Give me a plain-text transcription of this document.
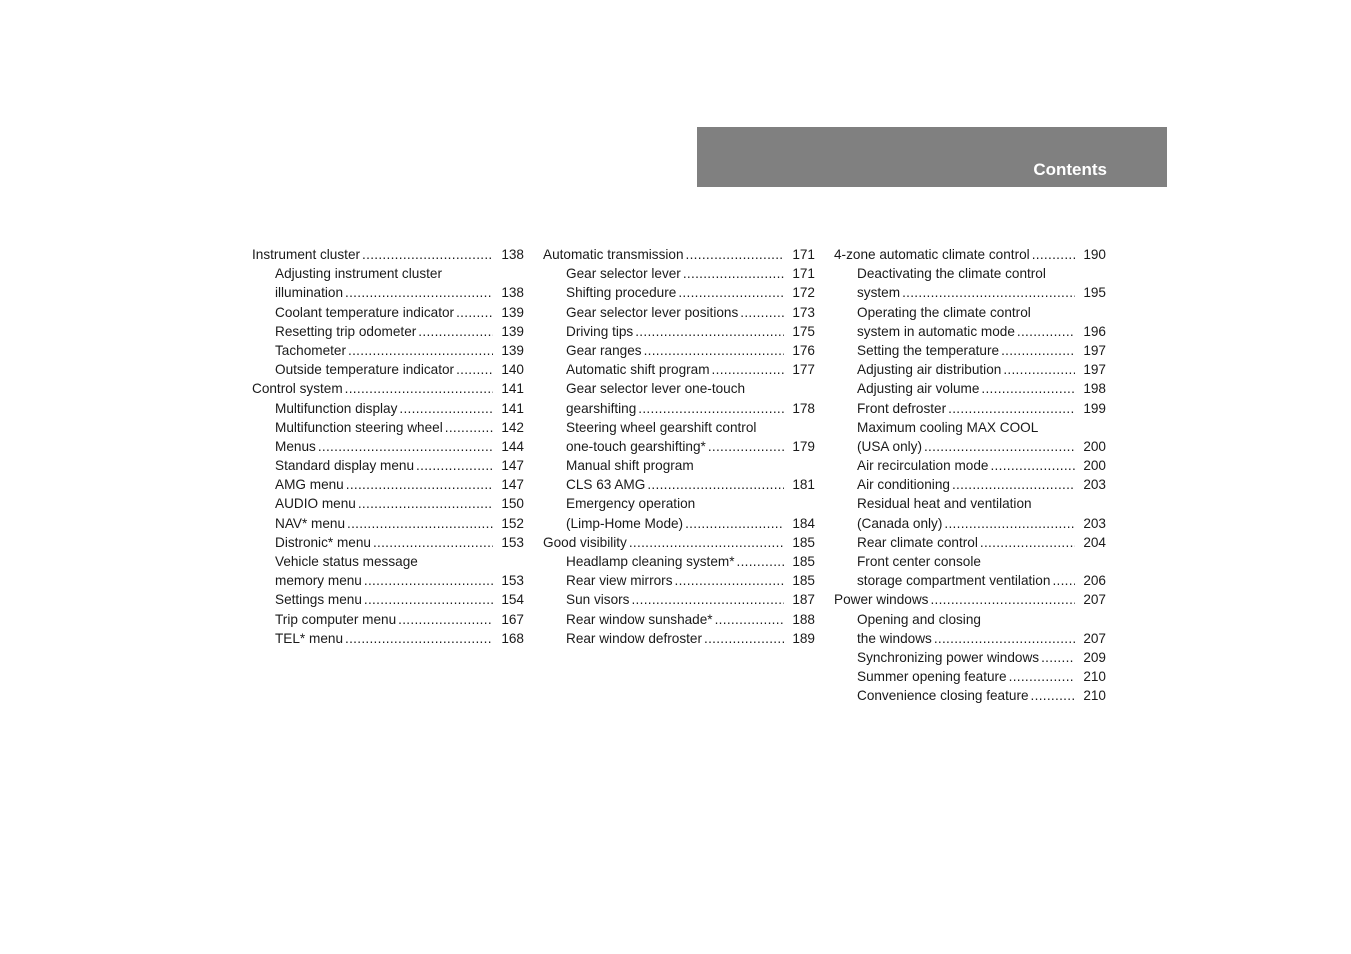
Contents
Instrument cluster .....	138
Adjusting instrument cluster
illumination .....	138
Coolant temperature indicator .....	139
Resetting trip odometer .....	139
Tachometer .....	139
Outside temperature indicator .....	140
Control system .....	141
Multifunction display .....	141
Multifunction steering wheel .....	142
Menus .....	144
Standard display menu .....	147
AMG menu .....	147
AUDIO menu .....	150
NAV* menu .....	152
Distronic* menu .....	153
Vehicle status message
memory menu .....	153
Settings menu .....	154
Trip computer menu .....	167
TEL* menu .....	168
Automatic transmission .....	171
Gear selector lever .....	171
Shifting procedure .....	172
Gear selector lever positions .....	173
Driving tips .....	175
Gear ranges .....	176
Automatic shift program .....	177
Gear selector lever one-touch
gearshifting .....	178
Steering wheel gearshift control
one-touch gearshifting* .....	179
Manual shift program
CLS 63 AMG .....	181
Emergency operation
(Limp-Home Mode) .....	184
Good visibility .....	185
Headlamp cleaning system* .....	185
Rear view mirrors .....	185
Sun visors .....	187
Rear window sunshade* .....	188
Rear window defroster .....	189
4-zone automatic climate control .....	190
Deactivating the climate control
system .....	195
Operating the climate control
system in automatic mode .....	196
Setting the temperature .....	197
Adjusting air distribution .....	197
Adjusting air volume .....	198
Front defroster .....	199
Maximum cooling MAX COOL
(USA only) .....	200
Air recirculation mode .....	200
Air conditioning .....	203
Residual heat and ventilation
(Canada only) .....	203
Rear climate control .....	204
Front center console
storage compartment ventilation ..... 206
Power windows .....	207
Opening and closing
the windows .....	207
Synchronizing power windows .....	209
Summer opening feature .....	210
Convenience closing feature .....	210
